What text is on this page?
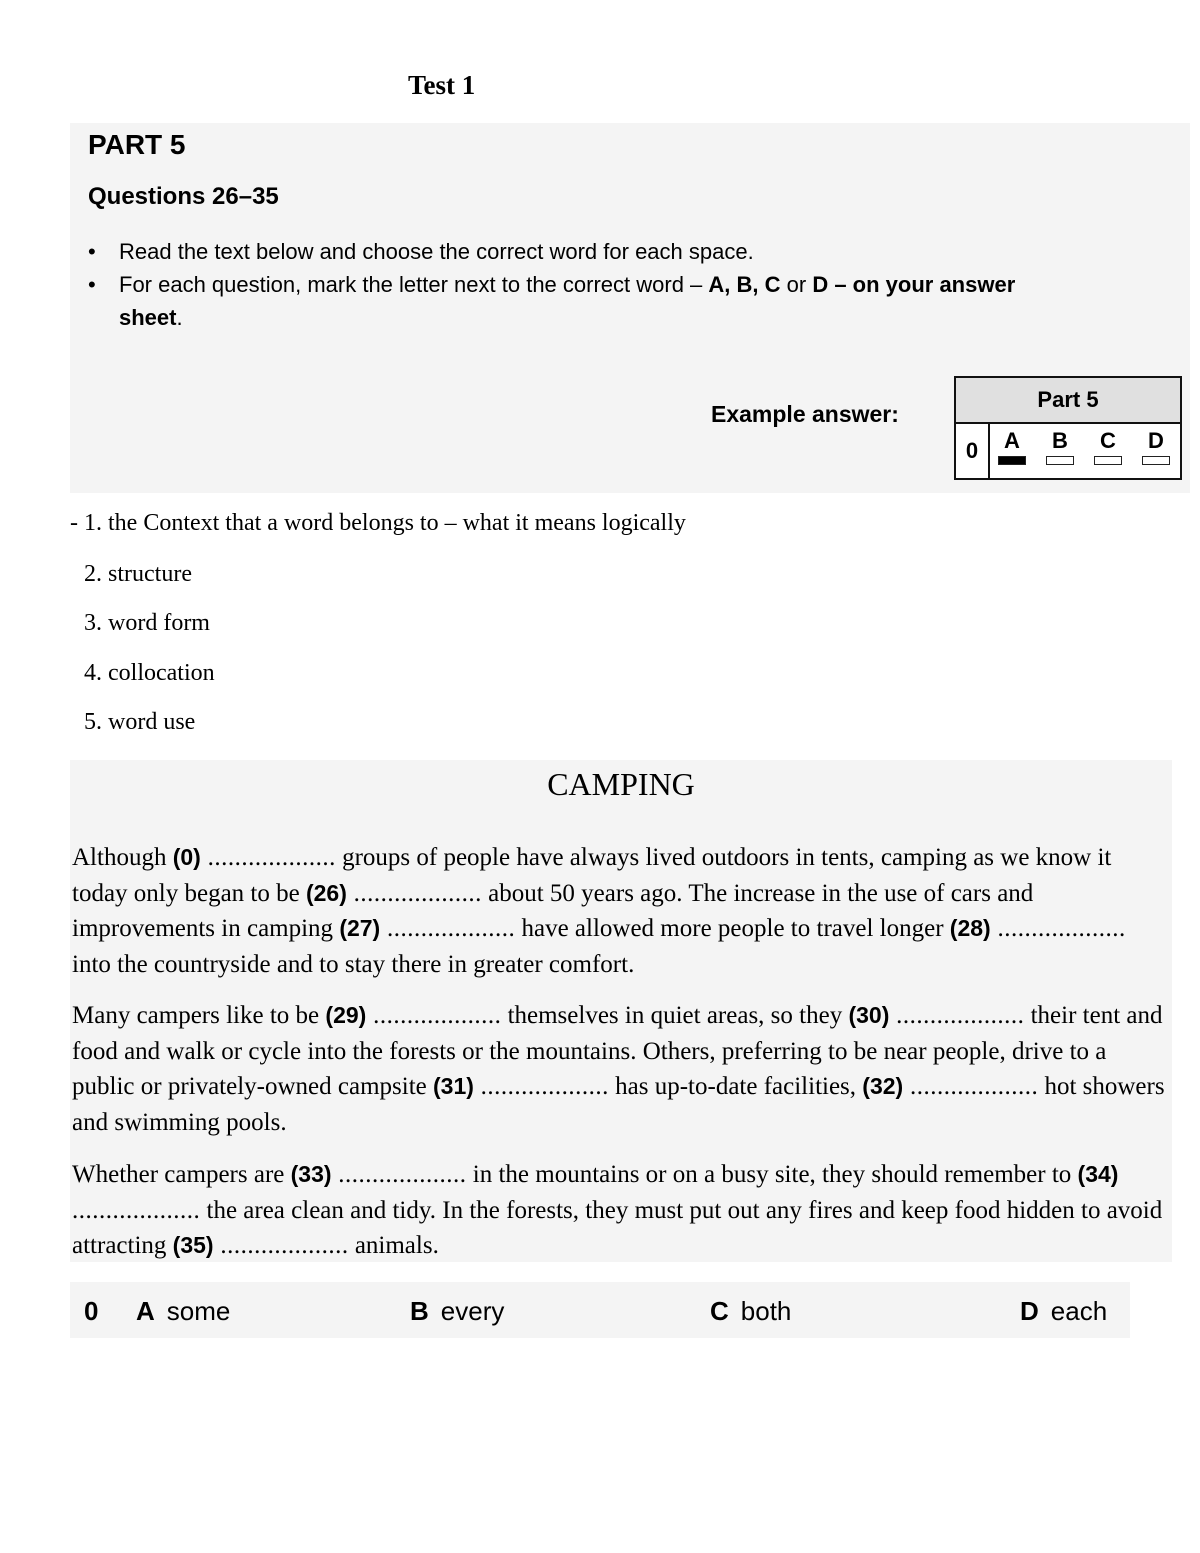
Test 1
PART 5
Questions 26–35
• Read the text below and choose the correct word for each space.
• For each question, mark the letter next to the correct word – A, B, C or D – on your answer sheet.
Example answer:
Part 5
0	A	B	C	D
- 1. the Context that a word belongs to – what it means logically
2. structure
3. word form
4. collocation
5. word use
CAMPING

Although (0) ................... groups of people have always lived outdoors in tents, camping as we know it today only began to be (26) ................... about 50 years ago. The increase in the use of cars and improvements in camping (27) ................... have allowed more people to travel longer (28) ................... into the countryside and to stay there in greater comfort.

Many campers like to be (29) ................... themselves in quiet areas, so they (30) ................... their tent and food and walk or cycle into the forests or the mountains. Others, preferring to be near people, drive to a public or privately-owned campsite (31) ................... has up-to-date facilities, (32) ................... hot showers and swimming pools.

Whether campers are (33) ................... in the mountains or on a busy site, they should remember to (34) ................... the area clean and tidy. In the forests, they must put out any fires and keep food hidden to avoid attracting (35) ................... animals.

0	A some	B every	C both	D each
